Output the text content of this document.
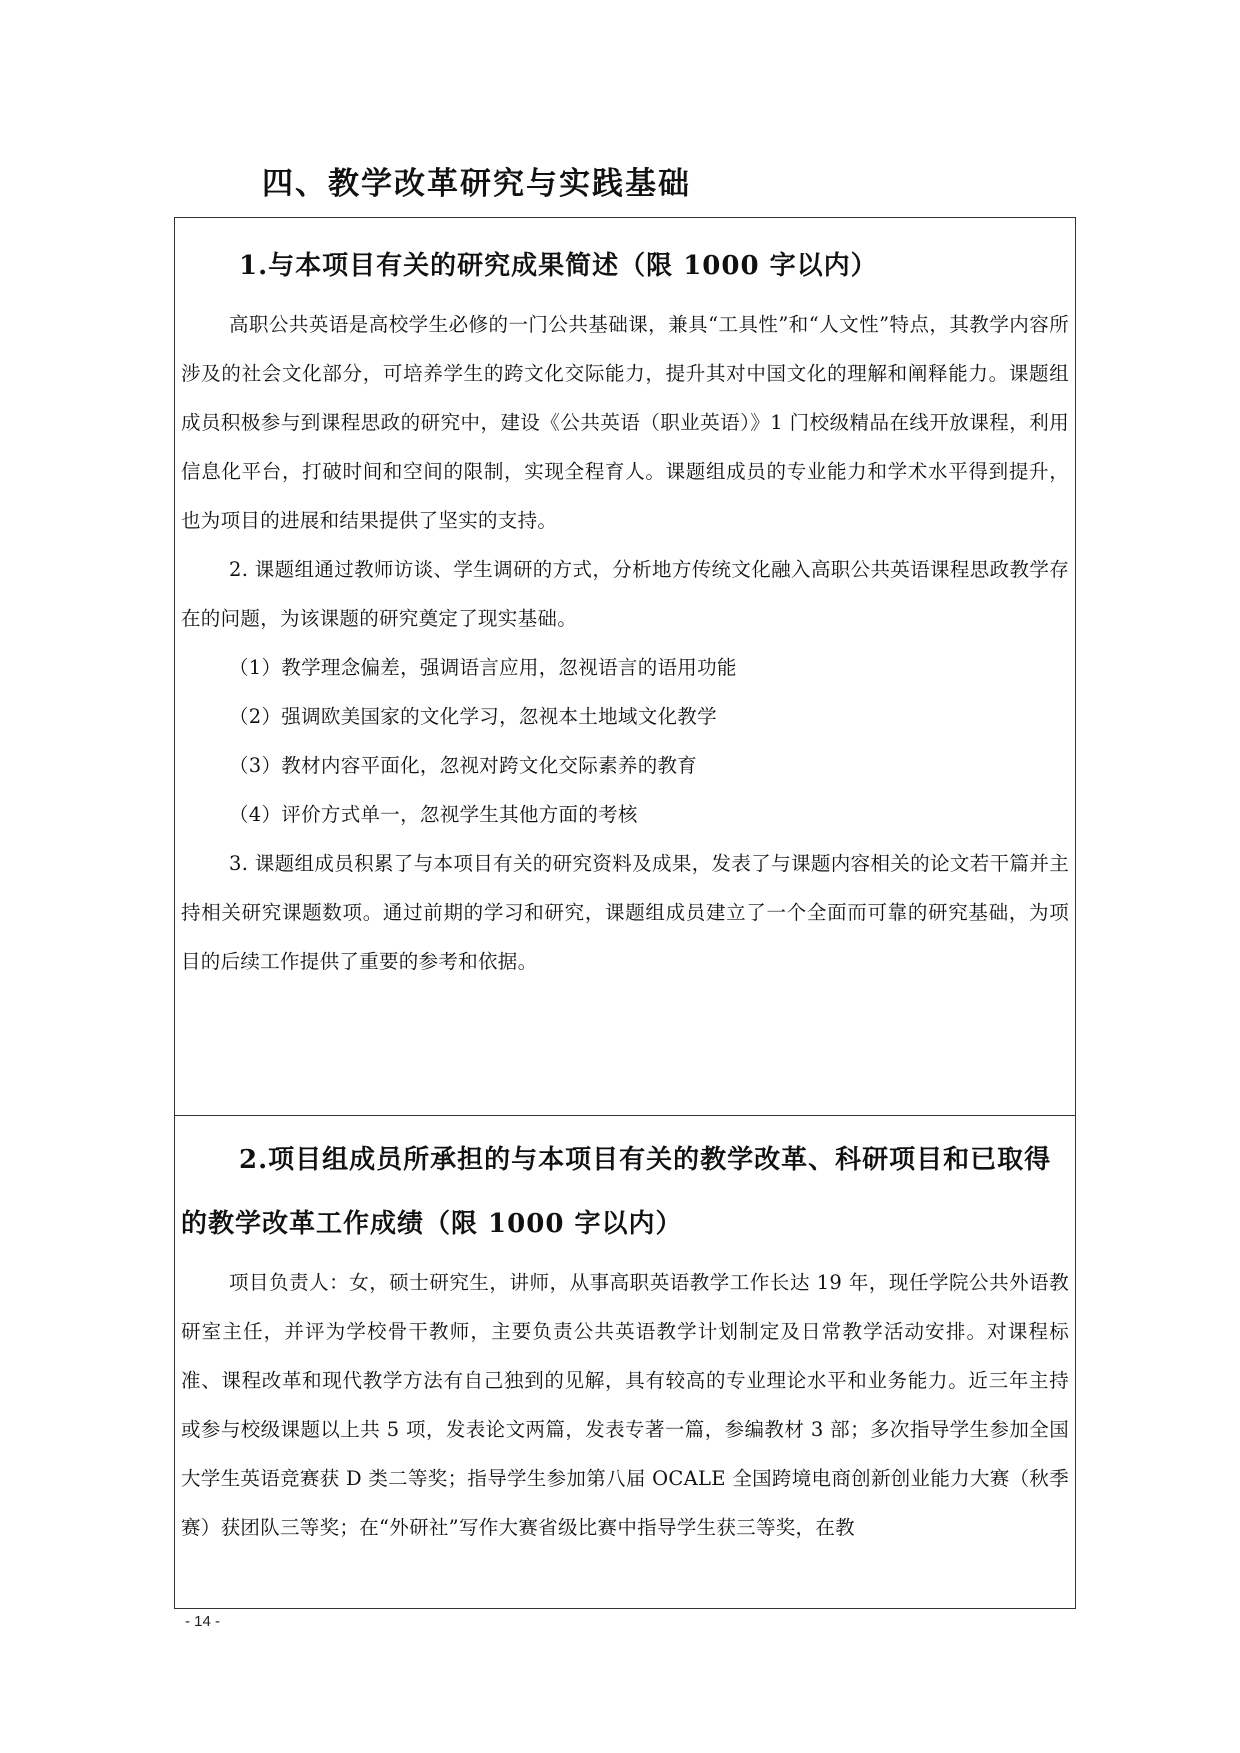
四、教学改革研究与实践基础
1.与本项目有关的研究成果简述（限 1000 字以内）

高职公共英语是高校学生必修的一门公共基础课，兼具“工具性”和“人文性”特点，其教学内容所涉及的社会文化部分，可培养学生的跨文化交际能力，提升其对中国文化的理解和阐释能力。课题组成员积极参与到课程思政的研究中，建设《公共英语（职业英语）》1 门校级精品在线开放课程，利用信息化平台，打破时间和空间的限制，实现全程育人。课题组成员的专业能力和学术水平得到提升，也为项目的进展和结果提供了坚实的支持。

2. 课题组通过教师访谈、学生调研的方式，分析地方传统文化融入高职公共英语课程思政教学存在的问题，为该课题的研究奠定了现实基础。

（1）教学理念偏差，强调语言应用，忽视语言的语用功能

（2）强调欧美国家的文化学习，忽视本土地域文化教学

（3）教材内容平面化，忽视对跨文化交际素养的教育

（4）评价方式单一，忽视学生其他方面的考核

3. 课题组成员积累了与本项目有关的研究资料及成果，发表了与课题内容相关的论文若干篇并主持相关研究课题数项。通过前期的学习和研究，课题组成员建立了一个全面而可靠的研究基础，为项目的后续工作提供了重要的参考和依据。

2.项目组成员所承担的与本项目有关的教学改革、科研项目和已取得的教学改革工作成绩（限 1000 字以内）

项目负责人：女，硕士研究生，讲师，从事高职英语教学工作长达 19 年，现任学院公共外语教研室主任，并评为学校骨干教师，主要负责公共英语教学计划制定及日常教学活动安排。对课程标准、课程改革和现代教学方法有自己独到的见解，具有较高的专业理论水平和业务能力。近三年主持或参与校级课题以上共 5 项，发表论文两篇，发表专著一篇，参编教材 3 部；多次指导学生参加全国大学生英语竞赛获 D 类二等奖；指导学生参加第八届 OCALE 全国跨境电商创新创业能力大赛（秋季赛）获团队三等奖；在“外研社”写作大赛省级比赛中指导学生获三等奖，在教

- 14 -
